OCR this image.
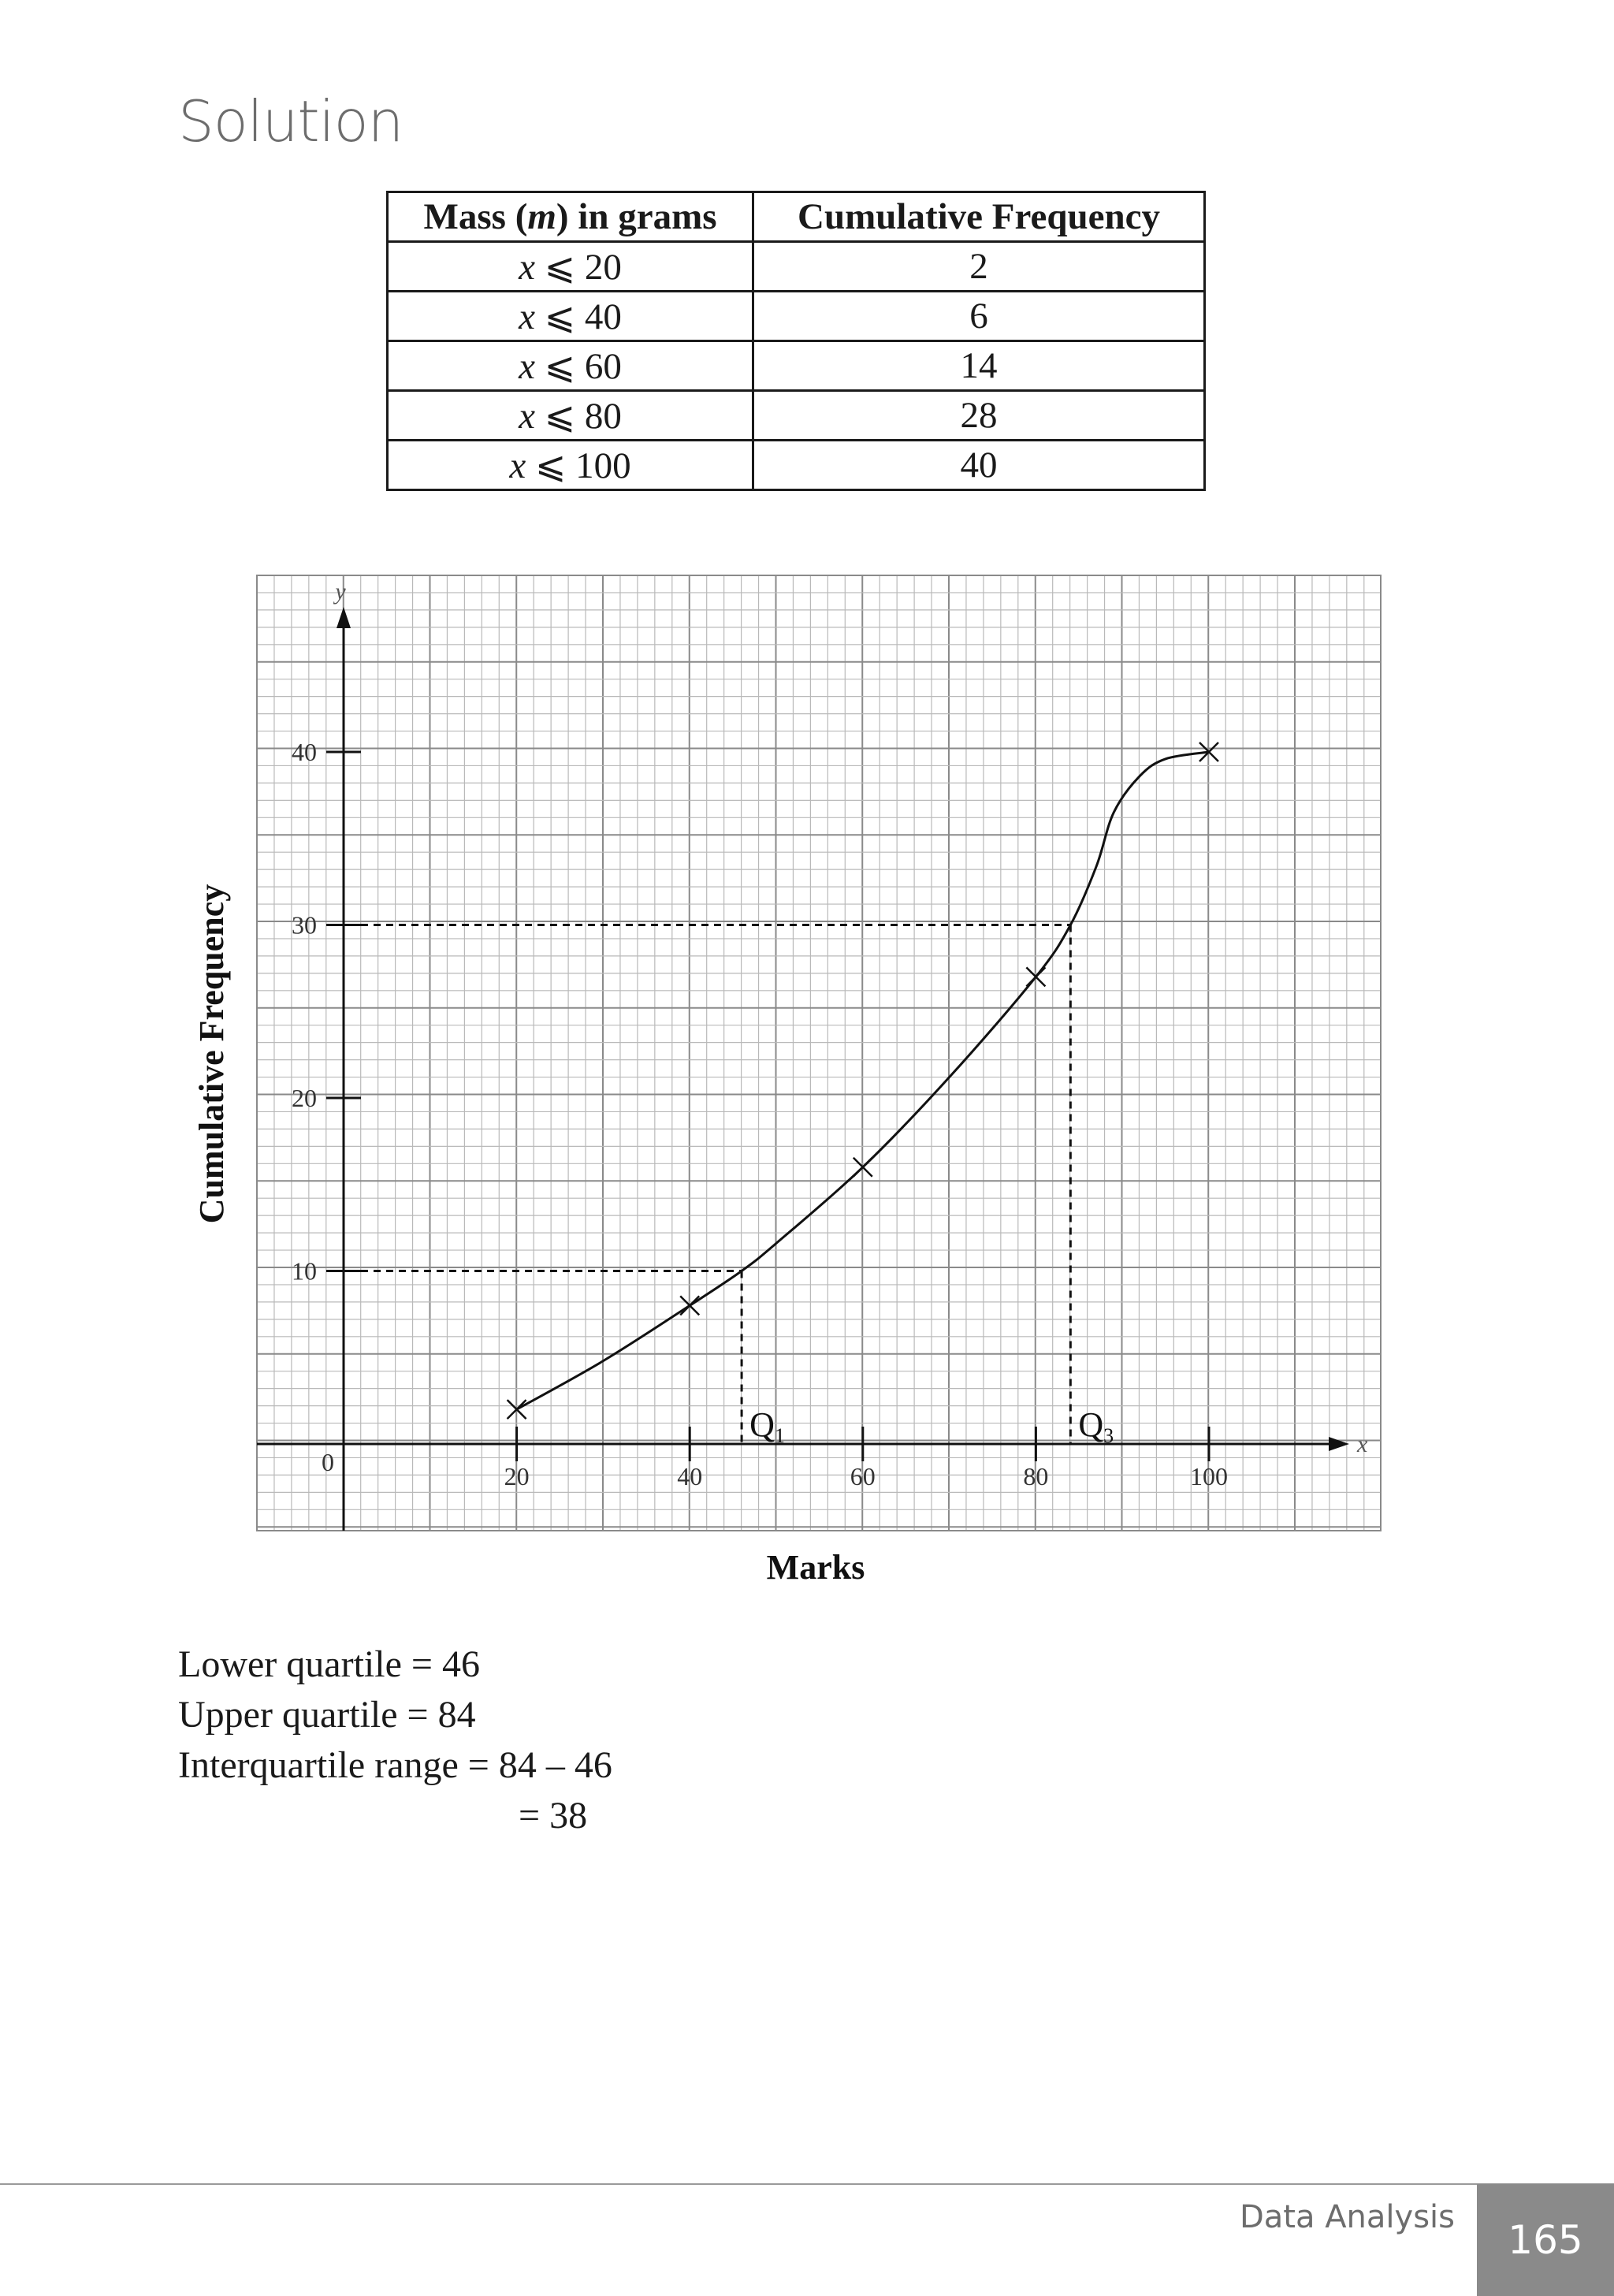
Solution
Mass (m) in grams	Cumulative Frequency
x ⩽ 20	2
x ⩽ 40	6
x ⩽ 60	14
x ⩽ 80	28
x ⩽ 100	40
y
x
0	20	40	60	80	100
10
20
30
40
Marks
Cumulative Frequency
Q1	Q3
Lower quartile = 46
Upper quartile = 84
Interquartile range = 84 – 46
= 38
Data Analysis	165
